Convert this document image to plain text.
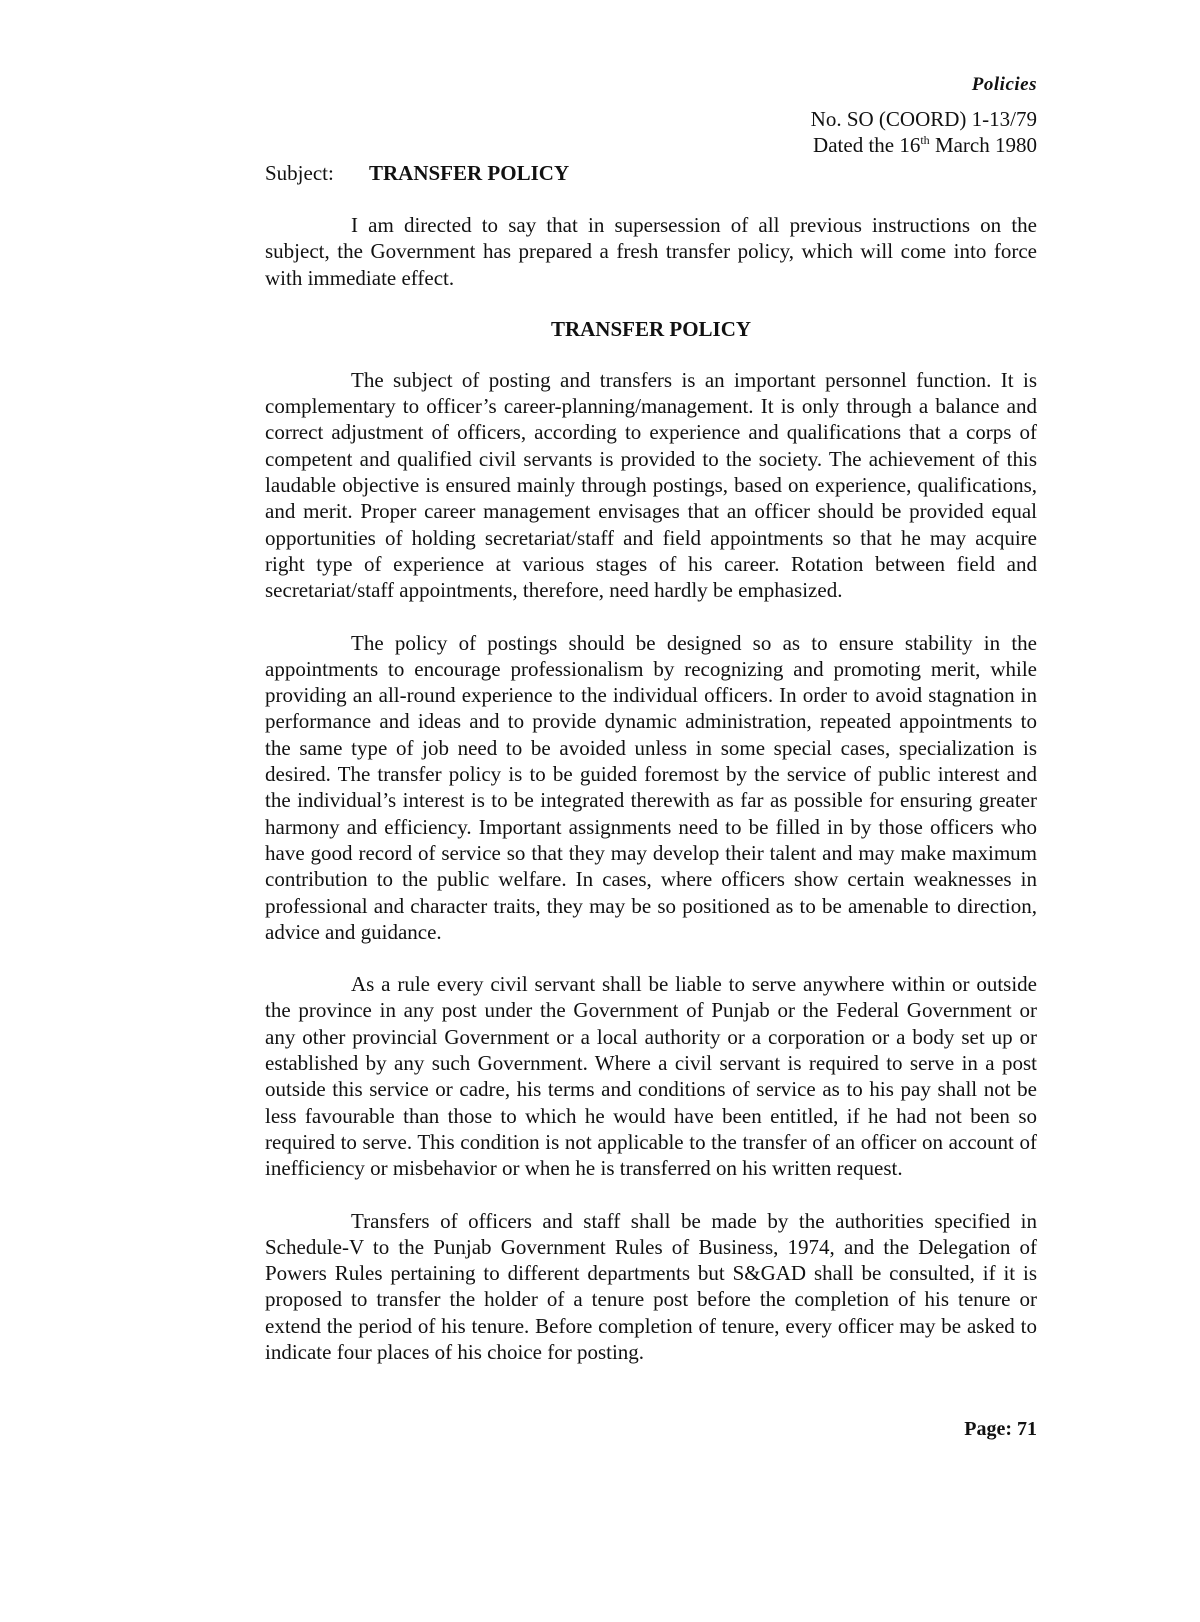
Policies

No. SO (COORD) 1-13/79
Dated the 16th March 1980
Subject:	TRANSFER POLICY

I am directed to say that in supersession of all previous instructions on the subject, the Government has prepared a fresh transfer policy, which will come into force with immediate effect.

TRANSFER POLICY

The subject of posting and transfers is an important personnel function. It is complementary to officer’s career-planning/management. It is only through a balance and correct adjustment of officers, according to experience and qualifications that a corps of competent and qualified civil servants is provided to the society. The achievement of this laudable objective is ensured mainly through postings, based on experience, qualifications, and merit. Proper career management envisages that an officer should be provided equal opportunities of holding secretariat/staff and field appointments so that he may acquire right type of experience at various stages of his career. Rotation between field and secretariat/staff appointments, therefore, need hardly be emphasized.

The policy of postings should be designed so as to ensure stability in the appointments to encourage professionalism by recognizing and promoting merit, while providing an all-round experience to the individual officers. In order to avoid stagnation in performance and ideas and to provide dynamic administration, repeated appointments to the same type of job need to be avoided unless in some special cases, specialization is desired. The transfer policy is to be guided foremost by the service of public interest and the individual’s interest is to be integrated therewith as far as possible for ensuring greater harmony and efficiency. Important assignments need to be filled in by those officers who have good record of service so that they may develop their talent and may make maximum contribution to the public welfare. In cases, where officers show certain weaknesses in professional and character traits, they may be so positioned as to be amenable to direction, advice and guidance.

As a rule every civil servant shall be liable to serve anywhere within or outside the province in any post under the Government of Punjab or the Federal Government or any other provincial Government or a local authority or a corporation or a body set up or established by any such Government. Where a civil servant is required to serve in a post outside this service or cadre, his terms and conditions of service as to his pay shall not be less favourable than those to which he would have been entitled, if he had not been so required to serve. This condition is not applicable to the transfer of an officer on account of inefficiency or misbehavior or when he is transferred on his written request.

Transfers of officers and staff shall be made by the authorities specified in Schedule-V to the Punjab Government Rules of Business, 1974, and the Delegation of Powers Rules pertaining to different departments but S&GAD shall be consulted, if it is proposed to transfer the holder of a tenure post before the completion of his tenure or extend the period of his tenure. Before completion of tenure, every officer may be asked to indicate four places of his choice for posting.

Page: 71
